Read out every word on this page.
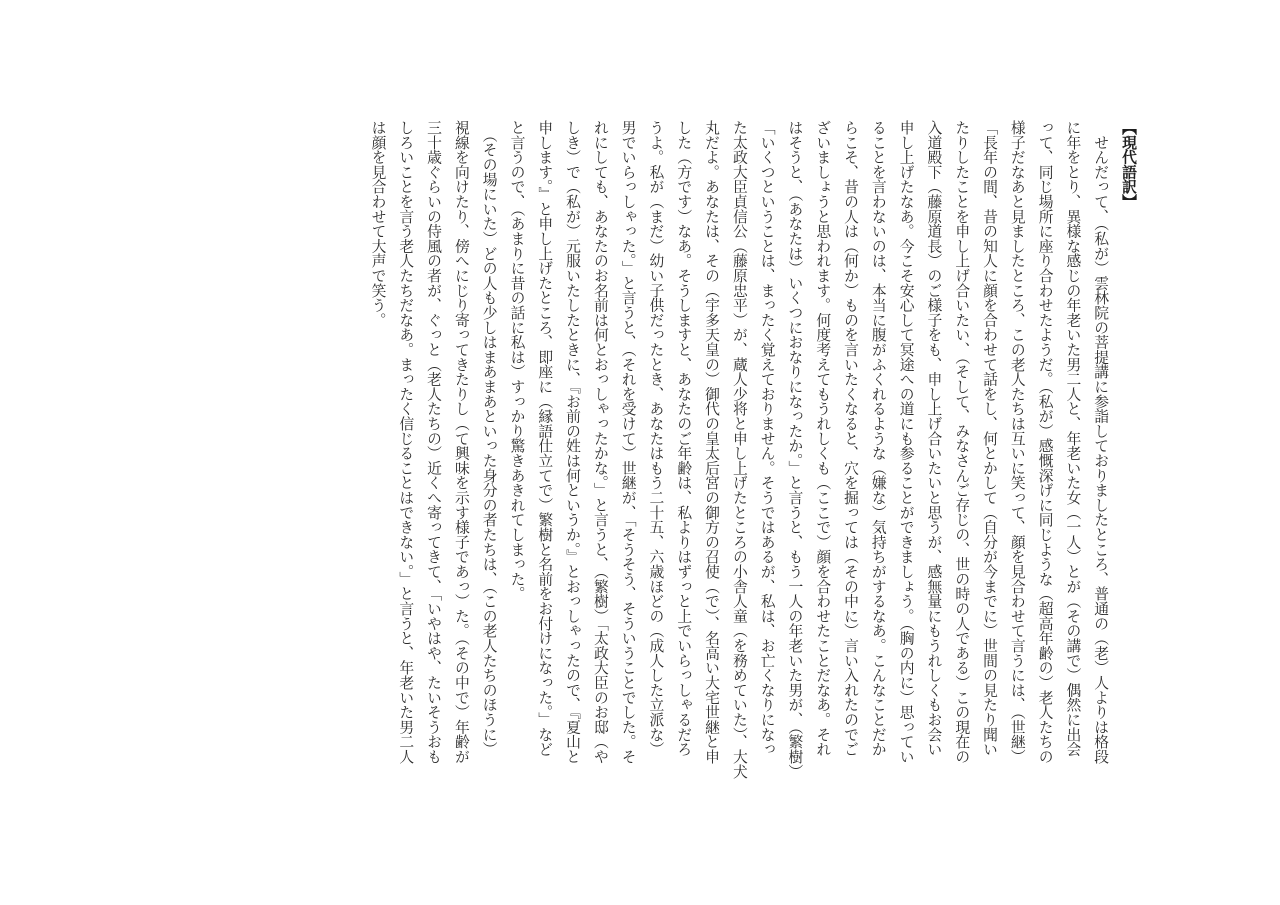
【現代語訳】
　せんだって、（私が）雲林院の菩提講に参詣しておりましたところ、普通の（老）人よりは格段
に年をとり、異様な感じの年老いた男二人と、年老いた女（一人）とが（その講で）偶然に出会
って、同じ場所に座り合わせたようだ。（私が）感慨深げに同じような（超高年齢の）老人たちの
様子だなあと見ましたところ、この老人たちは互いに笑って、顔を見合わせて言うには、（世継）
「長年の間、昔の知人に顔を合わせて話をし、何とかして（自分が今までに）世間の見たり聞い
たりしたことを申し上げ合いたい、（そして、みなさんご存じの、世の時の人である）この現在の
入道殿下（藤原道長）のご様子をも、申し上げ合いたいと思うが、感無量にもうれしくもお会い
申し上げたなあ。今こそ安心して冥途への道にも参ることができましょう。（胸の内に）思ってい
ることを言わないのは、本当に腹がふくれるような（嫌な）気持ちがするなあ。こんなことだか
らこそ、昔の人は（何か）ものを言いたくなると、穴を掘っては（その中に）言い入れたのでご
ざいましょうと思われます。何度考えてもうれしくも（ここで）顔を合わせたことだなあ。それ
はそうと、（あなたは）いくつにおなりになったか。」と言うと、もう一人の年老いた男が、（繁樹）
「いくつということは、まったく覚えておりません。そうではあるが、私は、お亡くなりになっ
た太政大臣貞信公（藤原忠平）が、蔵人少将と申し上げたところの小舎人童（を務めていた）、大犬
丸だよ。あなたは、その（宇多天皇の）御代の皇太后宮の御方の召使（で）、名高い大宅世継と申
した（方です）なあ。そうしますと、あなたのご年齢は、私よりはずっと上でいらっしゃるだろ
うよ。私が（まだ）幼い子供だったとき、あなたはもう二十五、六歳ほどの（成人した立派な）
男でいらっしゃった。」と言うと、（それを受けて）世継が、「そうそう、そういうことでした。そ
れにしても、あなたのお名前は何とおっしゃったかな。」と言うと、（繁樹）「太政大臣のお邸（や
しき）で（私が）元服いたしたときに、『お前の姓は何というか。』とおっしゃったので、『夏山と
申します。』と申し上げたところ、即座に（縁語仕立てで）繁樹と名前をお付けになった。」など
と言うので、（あまりに昔の話に私は）すっかり驚きあきれてしまった。
　（その場にいた）どの人も少しはまあまあといった身分の者たちは、（この老人たちのほうに）
視線を向けたり、傍へにじり寄ってきたりし（て興味を示す様子であっ）た。（その中で）年齢が
三十歳ぐらいの侍風の者が、ぐっと（老人たちの）近くへ寄ってきて、「いやはや、たいそうおも
しろいことを言う老人たちだなあ。まったく信じることはできない。」と言うと、年老いた男二人
は顔を見合わせて大声で笑う。
